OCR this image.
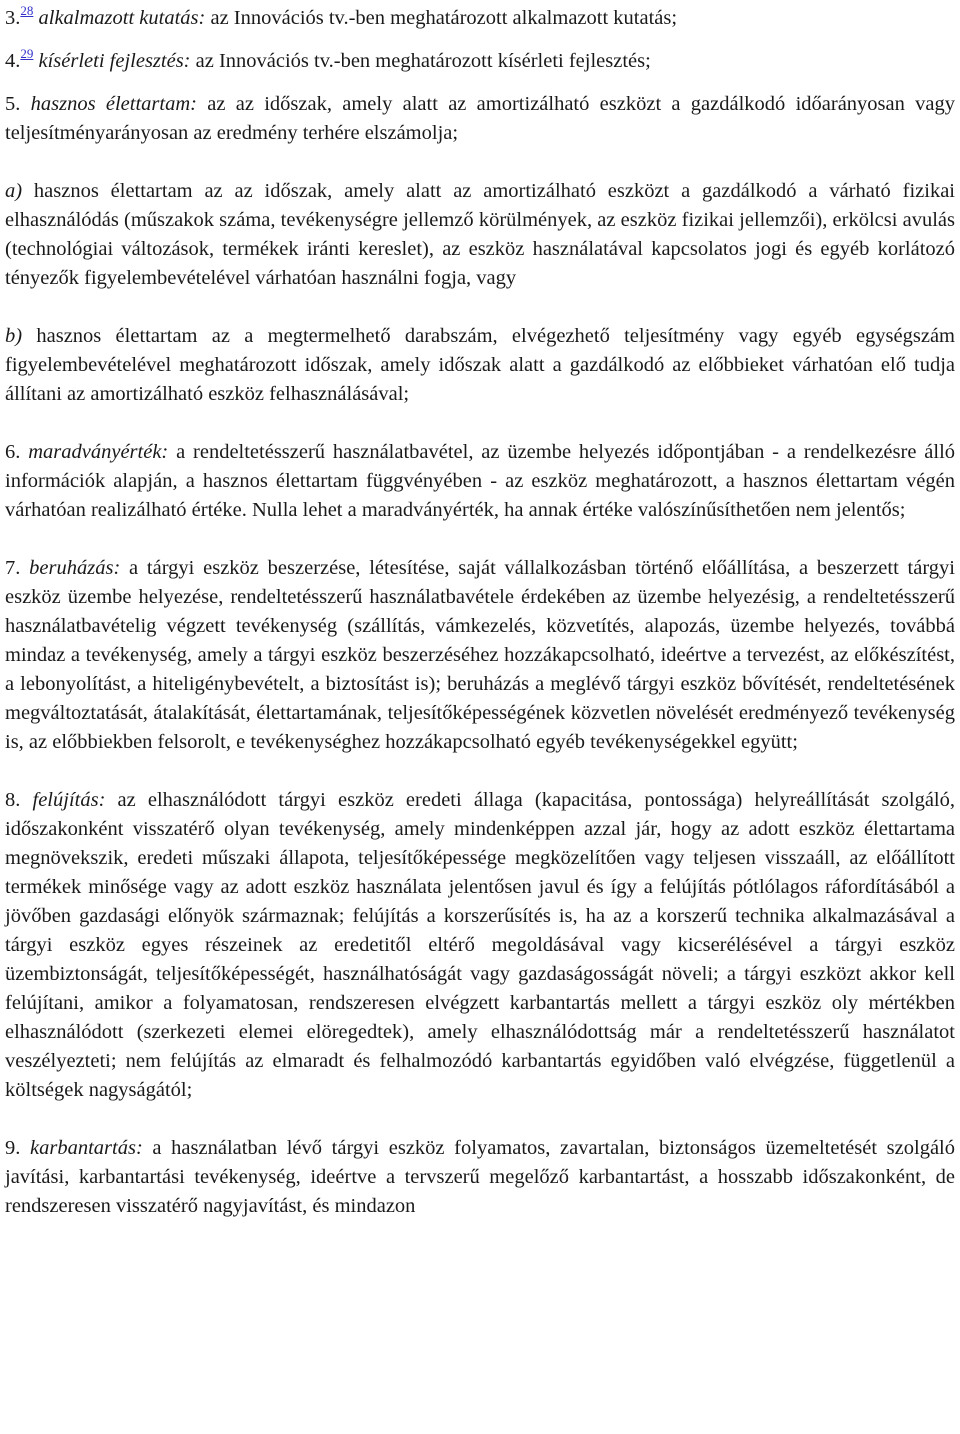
3.28 alkalmazott kutatás: az Innovációs tv.-ben meghatározott alkalmazott kutatás;

4.29 kísérleti fejlesztés: az Innovációs tv.-ben meghatározott kísérleti fejlesztés;

5. hasznos élettartam: az az időszak, amely alatt az amortizálható eszközt a gazdálkodó időarányosan vagy teljesítményarányosan az eredmény terhére elszámolja;

a) hasznos élettartam az az időszak, amely alatt az amortizálható eszközt a gazdálkodó a várható fizikai elhasználódás (műszakok száma, tevékenységre jellemző körülmények, az eszköz fizikai jellemzői), erkölcsi avulás (technológiai változások, termékek iránti kereslet), az eszköz használatával kapcsolatos jogi és egyéb korlátozó tényezők figyelembevételével várhatóan használni fogja, vagy

b) hasznos élettartam az a megtermelhető darabszám, elvégezhető teljesítmény vagy egyéb egységszám figyelembevételével meghatározott időszak, amely időszak alatt a gazdálkodó az előbbieket várhatóan elő tudja állítani az amortizálható eszköz felhasználásával;

6. maradványérték: a rendeltetésszerű használatbavétel, az üzembe helyezés időpontjában - a rendelkezésre álló információk alapján, a hasznos élettartam függvényében - az eszköz meghatározott, a hasznos élettartam végén várhatóan realizálható értéke. Nulla lehet a maradványérték, ha annak értéke valószínűsíthetően nem jelentős;

7. beruházás: a tárgyi eszköz beszerzése, létesítése, saját vállalkozásban történő előállítása, a beszerzett tárgyi eszköz üzembe helyezése, rendeltetésszerű használatbavétele érdekében az üzembe helyezésig, a rendeltetésszerű használatbavételig végzett tevékenység (szállítás, vámkezelés, közvetítés, alapozás, üzembe helyezés, továbbá mindaz a tevékenység, amely a tárgyi eszköz beszerzéséhez hozzákapcsolható, ideértve a tervezést, az előkészítést, a lebonyolítást, a hiteligénybevételt, a biztosítást is); beruházás a meglévő tárgyi eszköz bővítését, rendeltetésének megváltoztatását, átalakítását, élettartamának, teljesítőképességének közvetlen növelését eredményező tevékenység is, az előbbiekben felsorolt, e tevékenységhez hozzákapcsolható egyéb tevékenységekkel együtt;

8. felújítás: az elhasználódott tárgyi eszköz eredeti állaga (kapacitása, pontossága) helyreállítását szolgáló, időszakonként visszatérő olyan tevékenység, amely mindenképpen azzal jár, hogy az adott eszköz élettartama megnövekszik, eredeti műszaki állapota, teljesítőképessége megközelítően vagy teljesen visszaáll, az előállított termékek minősége vagy az adott eszköz használata jelentősen javul és így a felújítás pótlólagos ráfordításából a jövőben gazdasági előnyök származnak; felújítás a korszerűsítés is, ha az a korszerű technika alkalmazásával a tárgyi eszköz egyes részeinek az eredetitől eltérő megoldásával vagy kicserélésével a tárgyi eszköz üzembiztonságát, teljesítőképességét, használhatóságát vagy gazdaságosságát növeli; a tárgyi eszközt akkor kell felújítani, amikor a folyamatosan, rendszeresen elvégzett karbantartás mellett a tárgyi eszköz oly mértékben elhasználódott (szerkezeti elemei elöregedtek), amely elhasználódottság már a rendeltetésszerű használatot veszélyezteti; nem felújítás az elmaradt és felhalmozódó karbantartás egyidőben való elvégzése, függetlenül a költségek nagyságától;

9. karbantartás: a használatban lévő tárgyi eszköz folyamatos, zavartalan, biztonságos üzemeltetését szolgáló javítási, karbantartási tevékenység, ideértve a tervszerű megelőző karbantartást, a hosszabb időszakonként, de rendszeresen visszatérő nagyjavítást, és mindazon
